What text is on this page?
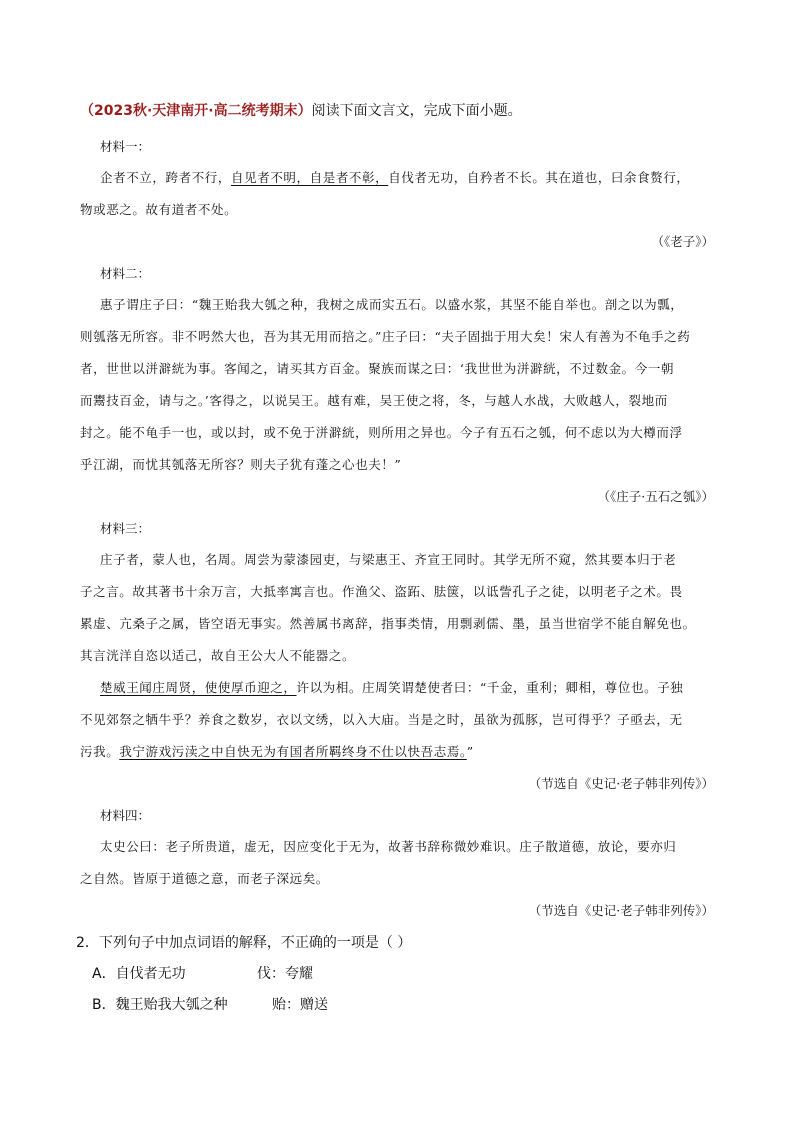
（2023秋·天津南开·高二统考期末）阅读下面文言文，完成下面小题。
材料一：
企者不立，跨者不行，自见者不明，自是者不彰，自伐者无功，自矜者不长。其在道也，曰余食赘行，
物或恶之。故有道者不处。
（《老子》）
材料二：
惠子谓庄子曰：“魏王贻我大瓠之种，我树之成而实五石。以盛水浆，其坚不能自举也。剖之以为瓢，
则瓠落无所容。非不呺然大也，吾为其无用而掊之。”庄子曰：“夫子固拙于用大矣！宋人有善为不龟手之药
者，世世以洴澼絖为事。客闻之，请买其方百金。聚族而谋之曰：‘我世世为洴澼絖，不过数金。今一朝
而鬻技百金，请与之。’客得之，以说吴王。越有难，吴王使之将，冬，与越人水战，大败越人，裂地而
封之。能不龟手一也，或以封，或不免于洴澼絖，则所用之异也。今子有五石之瓠，何不虑以为大樽而浮
乎江湖，而忧其瓠落无所容？则夫子犹有蓬之心也夫！”
（《庄子·五石之瓠》）
材料三：
庄子者，蒙人也，名周。周尝为蒙漆园吏，与梁惠王、齐宣王同时。其学无所不窥，然其要本归于老
子之言。故其著书十余万言，大抵率寓言也。作渔父、盗跖、胠箧，以诋訾孔子之徒，以明老子之术。畏
累虚、亢桑子之属，皆空语无事实。然善属书离辞，指事类情，用剽剥儒、墨，虽当世宿学不能自解免也。
其言洸洋自恣以适己，故自王公大人不能器之。
楚威王闻庄周贤，使使厚币迎之，许以为相。庄周笑谓楚使者曰：“千金，重利；卿相，尊位也。子独
不见郊祭之牺牛乎？养食之数岁，衣以文绣，以入大庙。当是之时，虽欲为孤豚，岂可得乎？子亟去，无
污我。我宁游戏污渎之中自快无为有国者所羁终身不仕以快吾志焉。”
（节选自《史记·老子韩非列传》）
材料四：
太史公曰：老子所贵道，虚无，因应变化于无为，故著书辞称微妙难识。庄子散道德，放论，要亦归
之自然。皆原于道德之意，而老子深远矣。
（节选自《史记·老子韩非列传》）
2．下列句子中加点词语的解释，不正确的一项是（ ）
A．自伐者无功	伐：夸耀
B．魏王贻我大瓠之种	贻：赠送
